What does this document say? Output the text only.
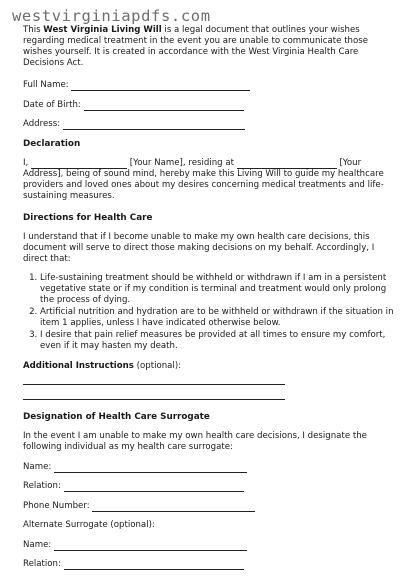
westvirginiapdfs.com

This West Virginia Living Will is a legal document that outlines your wishes regarding medical treatment in the event you are unable to communicate those wishes yourself. It is created in accordance with the West Virginia Health Care Decisions Act.

Full Name:
Date of Birth:
Address:
Declaration

I,	[Your Name], residing at	[Your Address], being of sound mind, hereby make this Living Will to guide my healthcare providers and loved ones about my desires concerning medical treatments and life-sustaining measures.

Directions for Health Care

I understand that if I become unable to make my own health care decisions, this document will serve to direct those making decisions on my behalf. Accordingly, I direct that:

1. Life-sustaining treatment should be withheld or withdrawn if I am in a persistent vegetative state or if my condition is terminal and treatment would only prolong the process of dying.
2. Artificial nutrition and hydration are to be withheld or withdrawn if the situation in item 1 applies, unless I have indicated otherwise below.
3. I desire that pain relief measures be provided at all times to ensure my comfort, even if it may hasten my death.

Additional Instructions (optional):

Designation of Health Care Surrogate

In the event I am unable to make my own health care decisions, I designate the following individual as my health care surrogate:

Name:
Relation:
Phone Number:
Alternate Surrogate (optional):
Name:
Relation:
